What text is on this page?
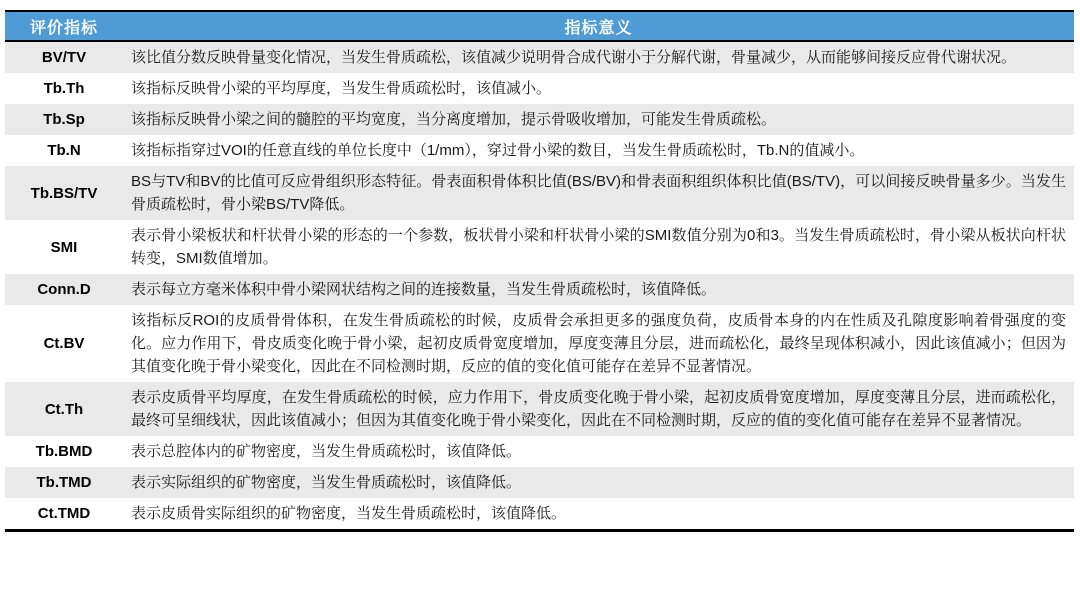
评价指标	指标意义
BV/TV	该比值分数反映骨量变化情况，当发生骨质疏松，该值减少说明骨合成代谢小于分解代谢，骨量减少，从而能够间接反应骨代谢状况。
Tb.Th	该指标反映骨小梁的平均厚度，当发生骨质疏松时，该值减小。
Tb.Sp	该指标反映骨小梁之间的髓腔的平均宽度，当分离度增加，提示骨吸收增加，可能发生骨质疏松。
Tb.N	该指标指穿过VOI的任意直线的单位长度中（1/mm），穿过骨小梁的数目，当发生骨质疏松时，Tb.N的值减小。
Tb.BS/TV	BS与TV和BV的比值可反应骨组织形态特征。骨表面积骨体积比值(BS/BV)和骨表面积组织体积比值(BS/TV)，可以间接反映骨量多少。当发生骨质疏松时，骨小梁BS/TV降低。
SMI	表示骨小梁板状和杆状骨小梁的形态的一个参数，板状骨小梁和杆状骨小梁的SMI数值分别为0和3。当发生骨质疏松时，骨小梁从板状向杆状转变，SMI数值增加。
Conn.D	表示每立方毫米体积中骨小梁网状结构之间的连接数量，当发生骨质疏松时，该值降低。
Ct.BV	该指标反ROI的皮质骨骨体积，在发生骨质疏松的时候，皮质骨会承担更多的强度负荷，皮质骨本身的内在性质及孔隙度影响着骨强度的变化。应力作用下，骨皮质变化晚于骨小梁，起初皮质骨宽度增加，厚度变薄且分层，进而疏松化，最终呈现体积减小，因此该值减小；但因为其值变化晚于骨小梁变化，因此在不同检测时期，反应的值的变化值可能存在差异不显著情况。
Ct.Th	表示皮质骨平均厚度，在发生骨质疏松的时候，应力作用下，骨皮质变化晚于骨小梁，起初皮质骨宽度增加，厚度变薄且分层，进而疏松化，最终可呈细线状，因此该值减小；但因为其值变化晚于骨小梁变化，因此在不同检测时期，反应的值的变化值可能存在差异不显著情况。
Tb.BMD	表示总腔体内的矿物密度，当发生骨质疏松时，该值降低。
Tb.TMD	表示实际组织的矿物密度，当发生骨质疏松时，该值降低。
Ct.TMD	表示皮质骨实际组织的矿物密度，当发生骨质疏松时，该值降低。
